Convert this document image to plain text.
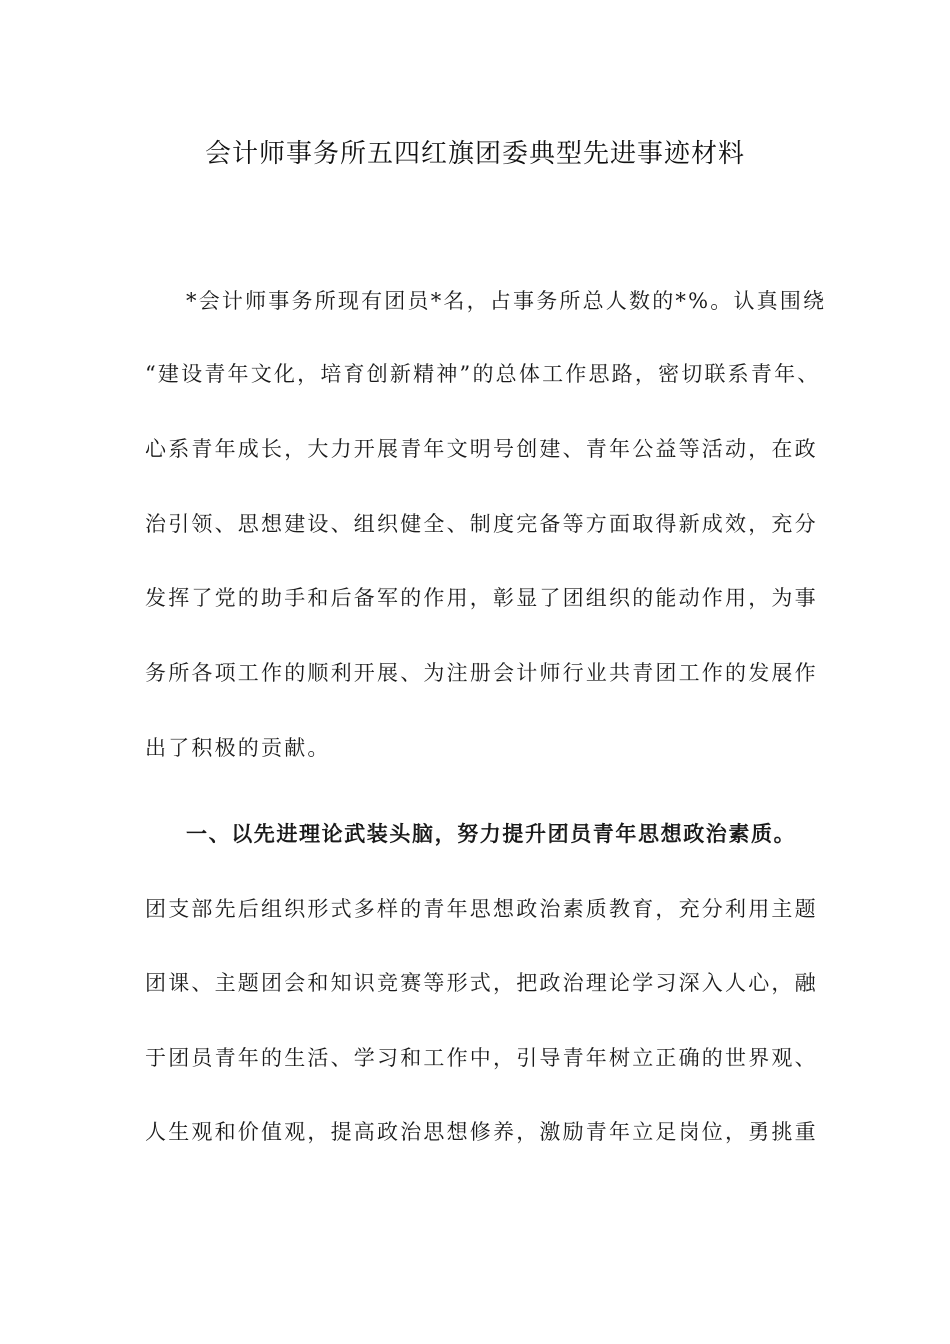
会计师事务所五四红旗团委典型先进事迹材料
*会计师事务所现有团员*名，占事务所总人数的*%。认真围绕
“建设青年文化，培育创新精神”的总体工作思路，密切联系青年、
心系青年成长，大力开展青年文明号创建、青年公益等活动，在政
治引领、思想建设、组织健全、制度完备等方面取得新成效，充分
发挥了党的助手和后备军的作用，彰显了团组织的能动作用，为事
务所各项工作的顺利开展、为注册会计师行业共青团工作的发展作
出了积极的贡献。
一、以先进理论武装头脑，努力提升团员青年思想政治素质。
团支部先后组织形式多样的青年思想政治素质教育，充分利用主题
团课、主题团会和知识竞赛等形式，把政治理论学习深入人心，融
于团员青年的生活、学习和工作中，引导青年树立正确的世界观、
人生观和价值观，提高政治思想修养，激励青年立足岗位，勇挑重
